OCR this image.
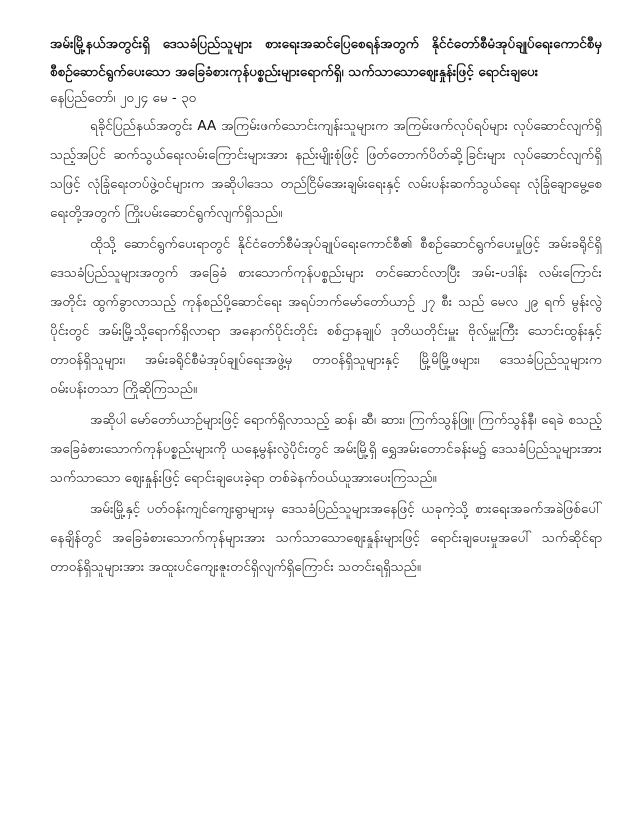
အမ်းမြို့နယ်အတွင်းရှိ ဒေသခံပြည်သူများ စားရေးအဆင်ပြေစေရန်အတွက် နိုင်ငံတော်စီမံအုပ်ချုပ်ရေးကောင်စီမှ စီစဉ်ဆောင်ရွက်ပေးသော အခြေခံစားကုန်ပစ္စည်းများရောက်ရှိ၊ သက်သာသောဈေးနှုန်းဖြင့် ရောင်းချပေး

နေပြည်တော်၊ ၂၀၂၄ မေ - ၃၀

ရခိုင်ပြည်နယ်အတွင်း AA အကြမ်းဖက်သောင်းကျန်းသူများက အကြမ်းဖက်လုပ်ရပ်များ လုပ်ဆောင်လျက်ရှိသည့်အပြင် ဆက်သွယ်ရေးလမ်းကြောင်းများအား နည်းမျိုးစုံဖြင့် ဖြတ်တောက်ပိတ်ဆို့ခြင်းများ လုပ်ဆောင်လျက်ရှိသဖြင့် လုံခြုံရေးတပ်ဖွဲ့ဝင်များက အဆိုပါဒေသ တည်ငြိမ်အေးချမ်းရေးနှင့် လမ်းပန်းဆက်သွယ်ရေး လုံခြုံချောမွေ့စေရေးတို့အတွက် ကြိုးပမ်းဆောင်ရွက်လျက်ရှိသည်။

ထိုသို့ ဆောင်ရွက်ပေးရာတွင် နိုင်ငံတော်စီမံအုပ်ချုပ်ရေးကောင်စီ၏ စီစဉ်ဆောင်ရွက်ပေးမှုဖြင့် အမ်းခရိုင်ရှိ ဒေသခံပြည်သူများအတွက် အခြေခံ စားသောက်ကုန်ပစ္စည်းများ တင်ဆောင်လာပြီး အမ်း-ပဒါန်း လမ်းကြောင်းအတိုင်း ထွက်ခွာလာသည့် ကုန်စည်ပို့ဆောင်ရေး အရပ်ဘက်မော်တော်ယာဉ် ၂၇ စီး သည် မေလ ၂၉ ရက် မွန်းလွဲပိုင်းတွင် အမ်းမြို့သို့ရောက်ရှိလာရာ အနောက်ပိုင်းတိုင်း စစ်ဌာနချုပ် ဒုတိယတိုင်းမှူး ဗိုလ်မှူးကြီး သောင်းထွန်းနှင့် တာဝန်ရှိသူများ၊ အမ်းခရိုင်စီမံအုပ်ချုပ်ရေးအဖွဲ့မှ တာဝန်ရှိသူများနှင့် မြို့မိမြို့ဖများ၊ ဒေသခံပြည်သူများက ဝမ်းပန်းတသာ ကြိုဆိုကြသည်။

အဆိုပါ မော်တော်ယာဉ်များဖြင့် ရောက်ရှိလာသည့် ဆန်၊ ဆီ၊ ဆား၊ ကြက်သွန်ဖြူ၊ ကြက်သွန်နီ၊ ရေခဲ စသည့် အခြေခံစားသောက်ကုန်ပစ္စည်းများကို ယနေ့မွန်းလွဲပိုင်းတွင် အမ်းမြို့ရှိ ရွှေအမ်းတောင်ခန်းမ၌ ဒေသခံပြည်သူများအား သက်သာသော ဈေးနှုန်းဖြင့် ရောင်းချပေးခဲ့ရာ တစ်ခဲနက်ဝယ်ယူအားပေးကြသည်။

အမ်းမြို့နှင့် ပတ်ဝန်းကျင်ကျေးရွာများမှ ဒေသခံပြည်သူများအနေဖြင့် ယခုကဲ့သို့ စားရေးအခက်အခဲဖြစ်ပေါ်နေချိန်တွင် အခြေခံစားသောက်ကုန်များအား သက်သာသောဈေးနှုန်းများဖြင့် ရောင်းချပေးမှုအပေါ် သက်ဆိုင်ရာတာဝန်ရှိသူများအား အထူးပင်ကျေးဇူးတင်ရှိလျက်ရှိကြောင်း သတင်းရရှိသည်။
